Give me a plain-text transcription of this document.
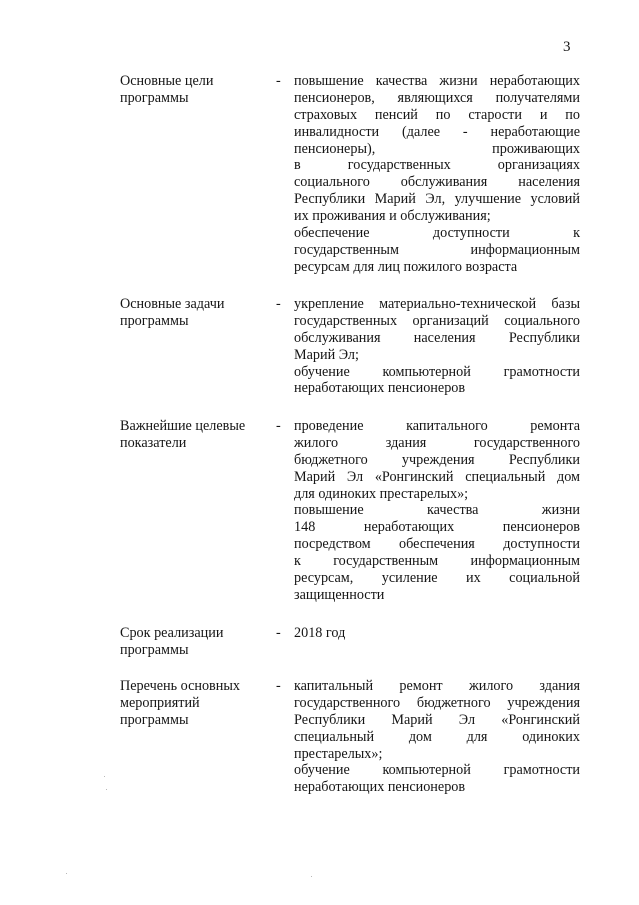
3
Основные цели
программы
- повышение качества жизни неработающих
пенсионеров, являющихся получателями
страховых пенсий по старости и по
инвалидности (далее - неработающие
пенсионеры), проживающих
в государственных организациях
социального обслуживания населения
Республики Марий Эл, улучшение условий
их проживания и обслуживания;
обеспечение доступности к
государственным информационным
ресурсам для лиц пожилого возраста
Основные задачи
программы
- укрепление материально-технической базы
государственных организаций социального
обслуживания населения Республики
Марий Эл;
обучение компьютерной грамотности
неработающих пенсионеров
Важнейшие целевые
показатели
- проведение капитального ремонта
жилого здания государственного
бюджетного учреждения Республики
Марий Эл «Ронгинский специальный дом
для одиноких престарелых»;
повышение качества жизни
148 неработающих пенсионеров
посредством обеспечения доступности
к государственным информационным
ресурсам, усиление их социальной
защищенности
Срок реализации
программы
- 2018 год
Перечень основных
мероприятий
программы
- капитальный ремонт жилого здания
государственного бюджетного учреждения
Республики Марий Эл «Ронгинский
специальный дом для одиноких
престарелых»;
обучение компьютерной грамотности
неработающих пенсионеров
